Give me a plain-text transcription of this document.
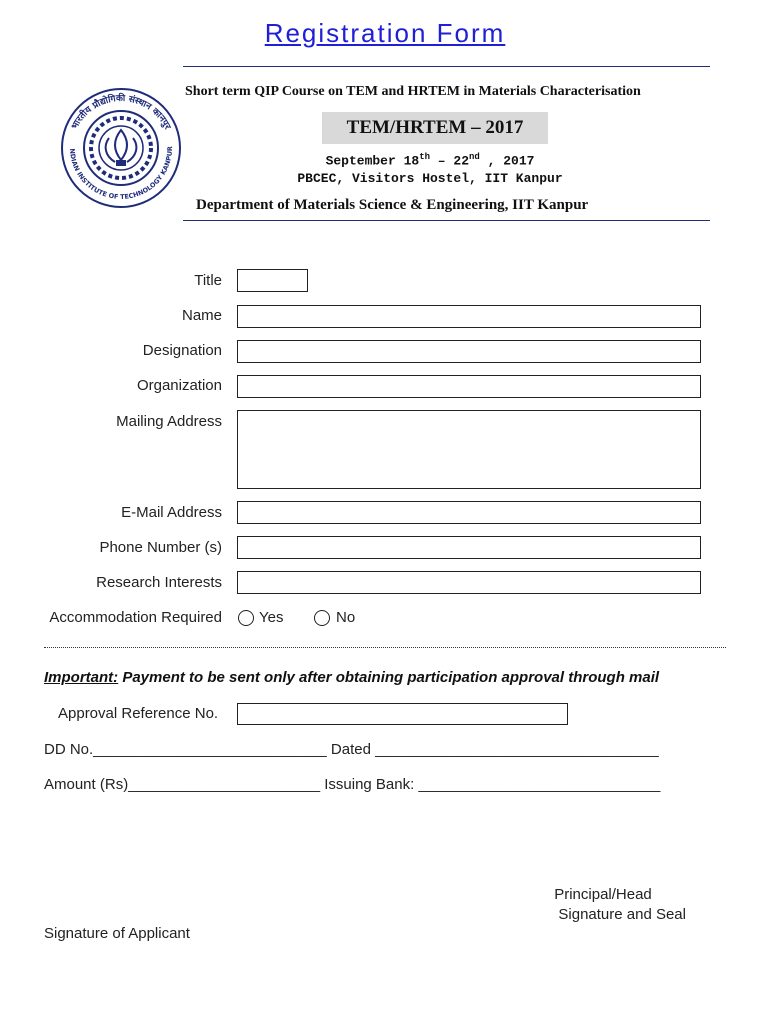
Registration Form
भारतीय प्रौद्योगिकी संस्थान कानपुर
NDIAN INSTITUTE OF TECHNOLOGY KANPUR
Short term QIP Course on TEM and HRTEM in Materials Characterisation
TEM/HRTEM – 2017
September 18th – 22nd , 2017
PBCEC, Visitors Hostel, IIT Kanpur
Department of Materials Science & Engineering, IIT Kanpur
Title
Name
Designation
Organization
Mailing Address
E-Mail Address
Phone Number (s)
Research Interests
Accommodation Required Yes	No
Important: Payment to be sent only after obtaining participation approval through mail
Approval Reference No.
DD No.____________________________ Dated __________________________________
Amount (Rs)_______________________ Issuing Bank: _____________________________
Principal/Head
Signature and Seal
Signature of Applicant
